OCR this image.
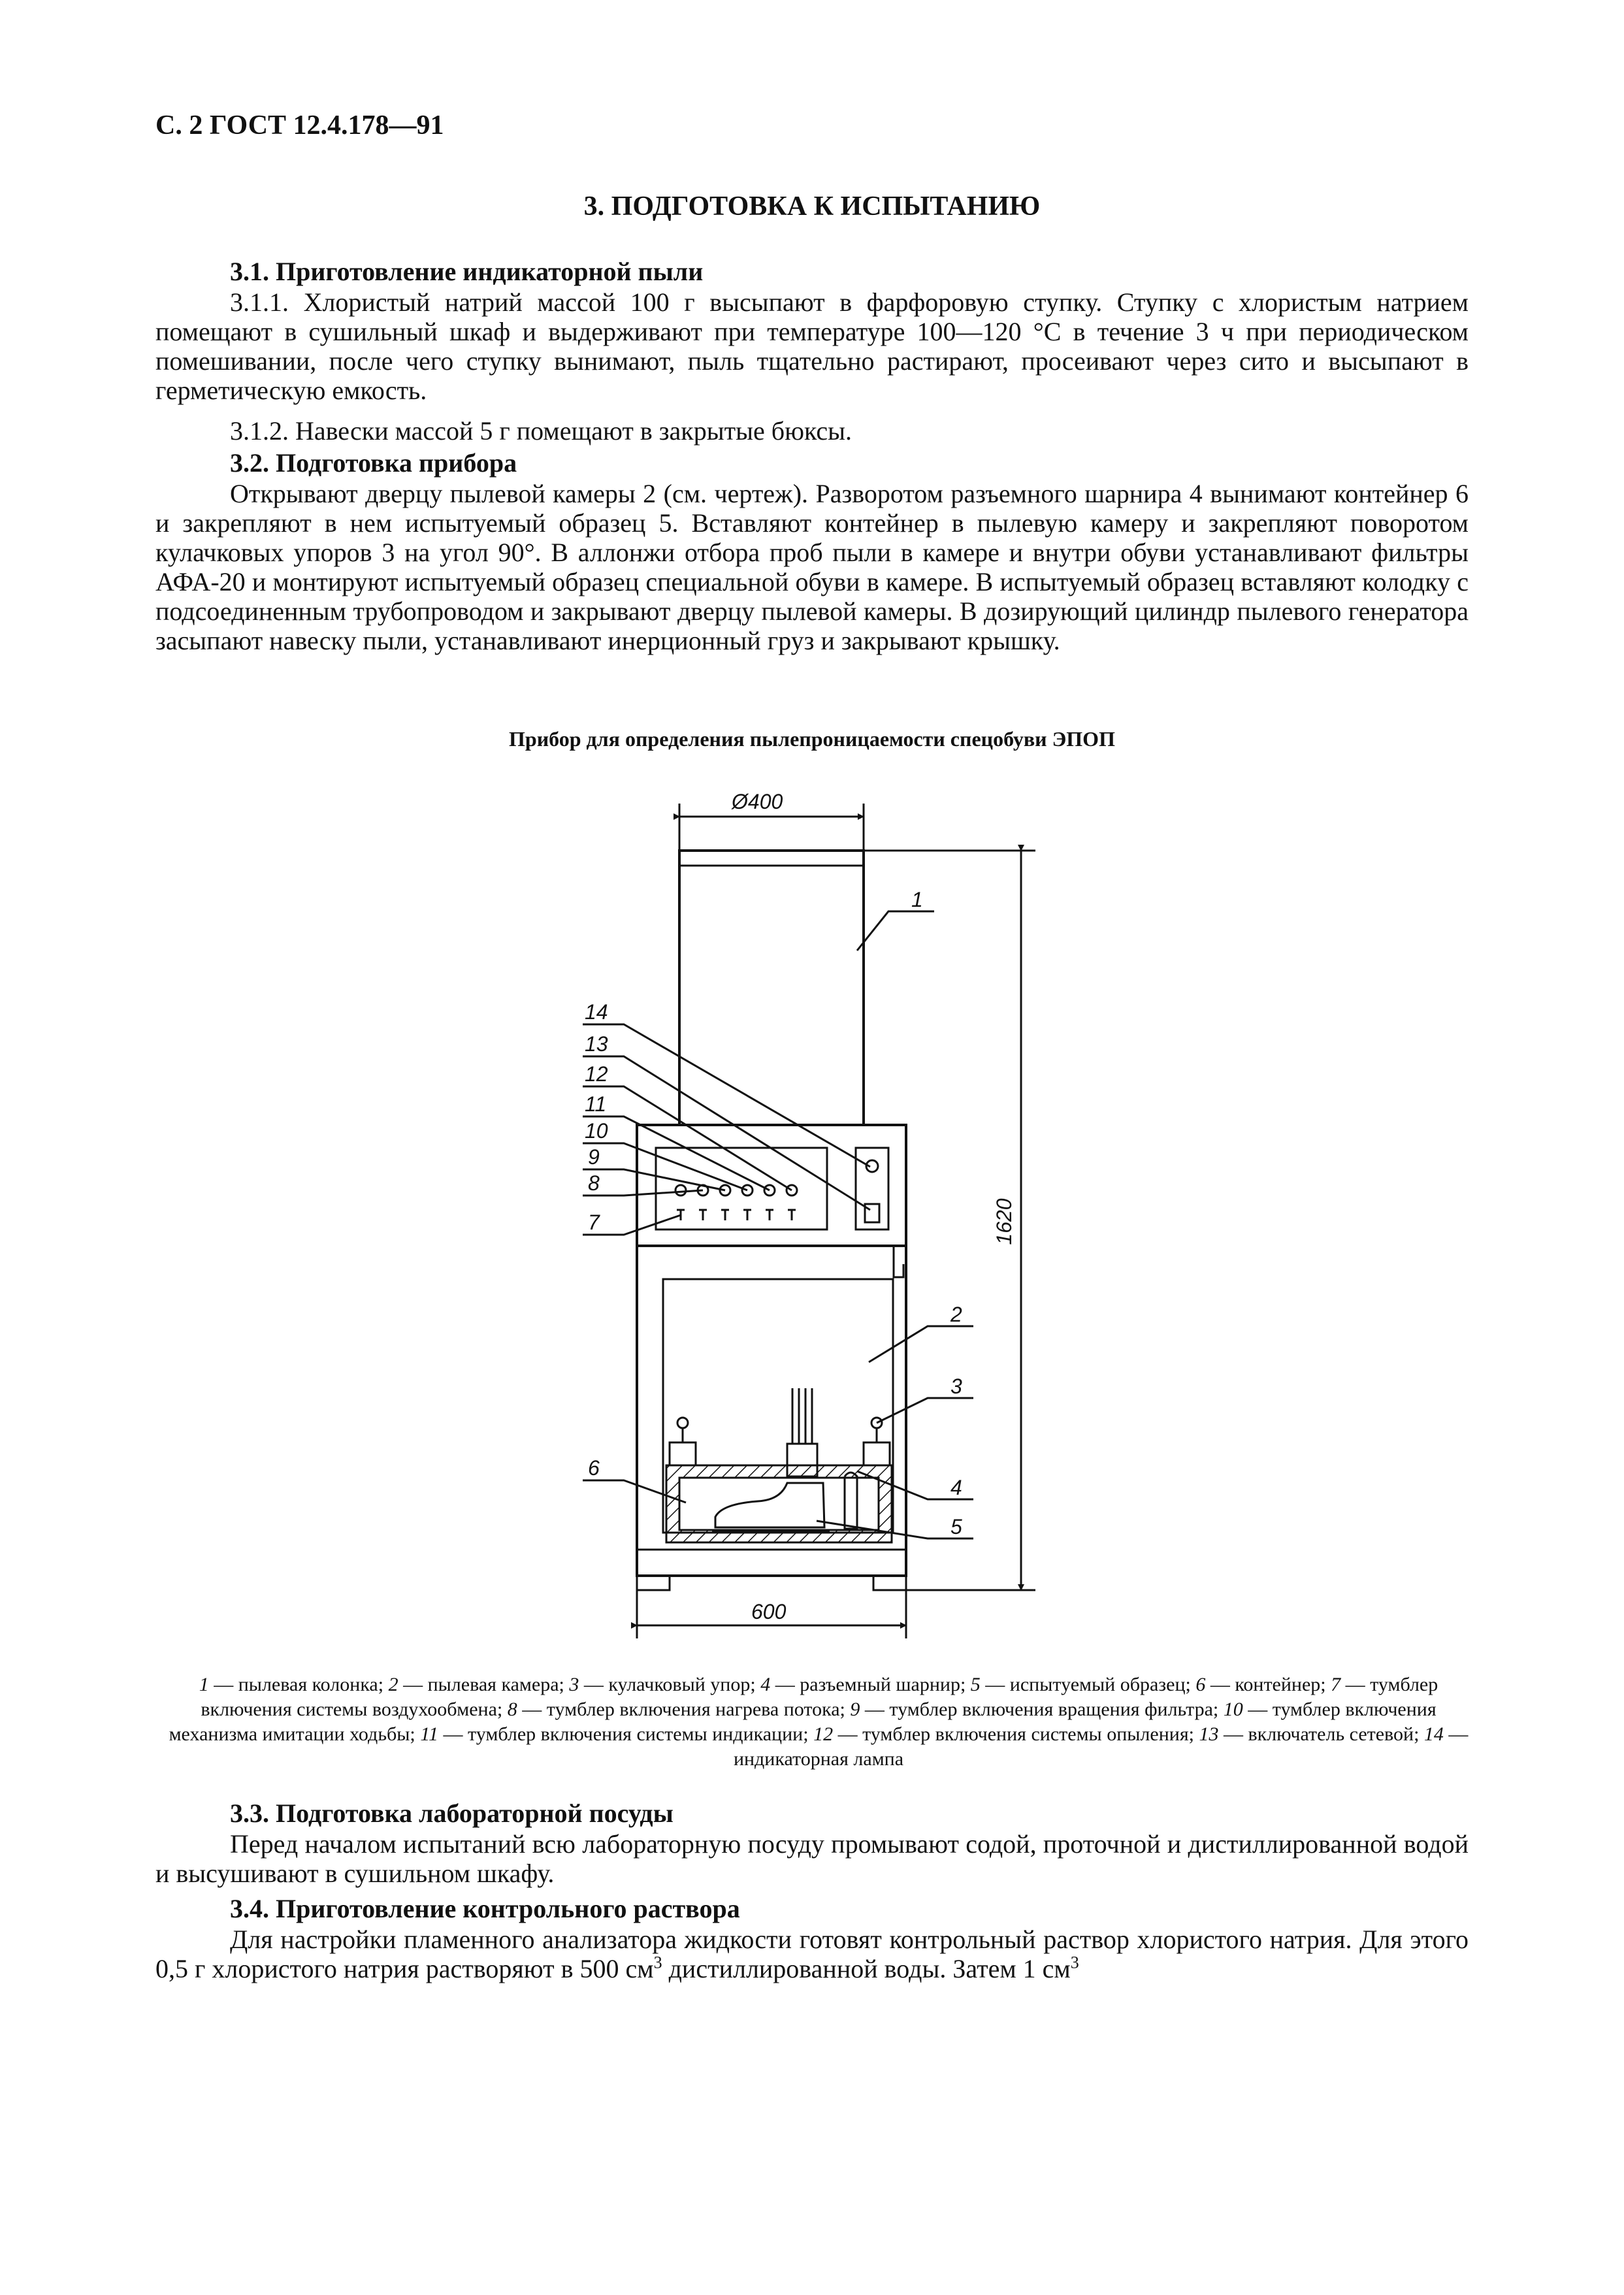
С. 2 ГОСТ 12.4.178—91
3. ПОДГОТОВКА К ИСПЫТАНИЮ
3.1. Приготовление индикаторной пыли
3.1.1. Хлористый натрий массой 100 г высыпают в фарфоровую ступку. Ступку с хлористым натрием помещают в сушильный шкаф и выдерживают при температуре 100—120 °С в течение 3 ч при периодическом помешивании, после чего ступку вынимают, пыль тщательно растирают, просеивают через сито и высыпают в герметическую емкость.
3.1.2. Навески массой 5 г помещают в закрытые бюксы.
3.2. Подготовка прибора
Открывают дверцу пылевой камеры 2 (см. чертеж). Разворотом разъемного шарнира 4 вынимают контейнер 6 и закрепляют в нем испытуемый образец 5. Вставляют контейнер в пылевую камеру и закрепляют поворотом кулачковых упоров 3 на угол 90°. В аллонжи отбора проб пыли в камере и внутри обуви устанавливают фильтры АФА-20 и монтируют испытуемый образец специальной обуви в камере. В испытуемый образец вставляют колодку с подсоединенным трубопроводом и закрывают дверцу пылевой камеры. В дозирующий цилиндр пылевого генератора засыпают навеску пыли, устанавливают инерционный груз и закрывают крышку.
Прибор для определения пылепроницаемости спецобуви ЭПОП
Ø400
600
1620
1
2
3
4
5
6
7
8
9
10
11
12
13
14
1 — пылевая колонка; 2 — пылевая камера; 3 — кулачковый упор; 4 — разъемный шарнир; 5 — испытуемый образец; 6 — контейнер; 7 — тумблер включения системы воздухообмена; 8 — тумблер включения нагрева потока; 9 — тумблер включения вращения фильтра; 10 — тумблер включения механизма имитации ходьбы; 11 — тумблер включения системы индикации; 12 — тумблер включения системы опыления; 13 — включатель сетевой; 14 — индикаторная лампа
3.3. Подготовка лабораторной посуды
Перед началом испытаний всю лабораторную посуду промывают содой, проточной и дистиллированной водой и высушивают в сушильном шкафу.
3.4. Приготовление контрольного раствора
Для настройки пламенного анализатора жидкости готовят контрольный раствор хлористого натрия. Для этого 0,5 г хлористого натрия растворяют в 500 $см^3$ дистиллированной воды. Затем 1 $см^3$
